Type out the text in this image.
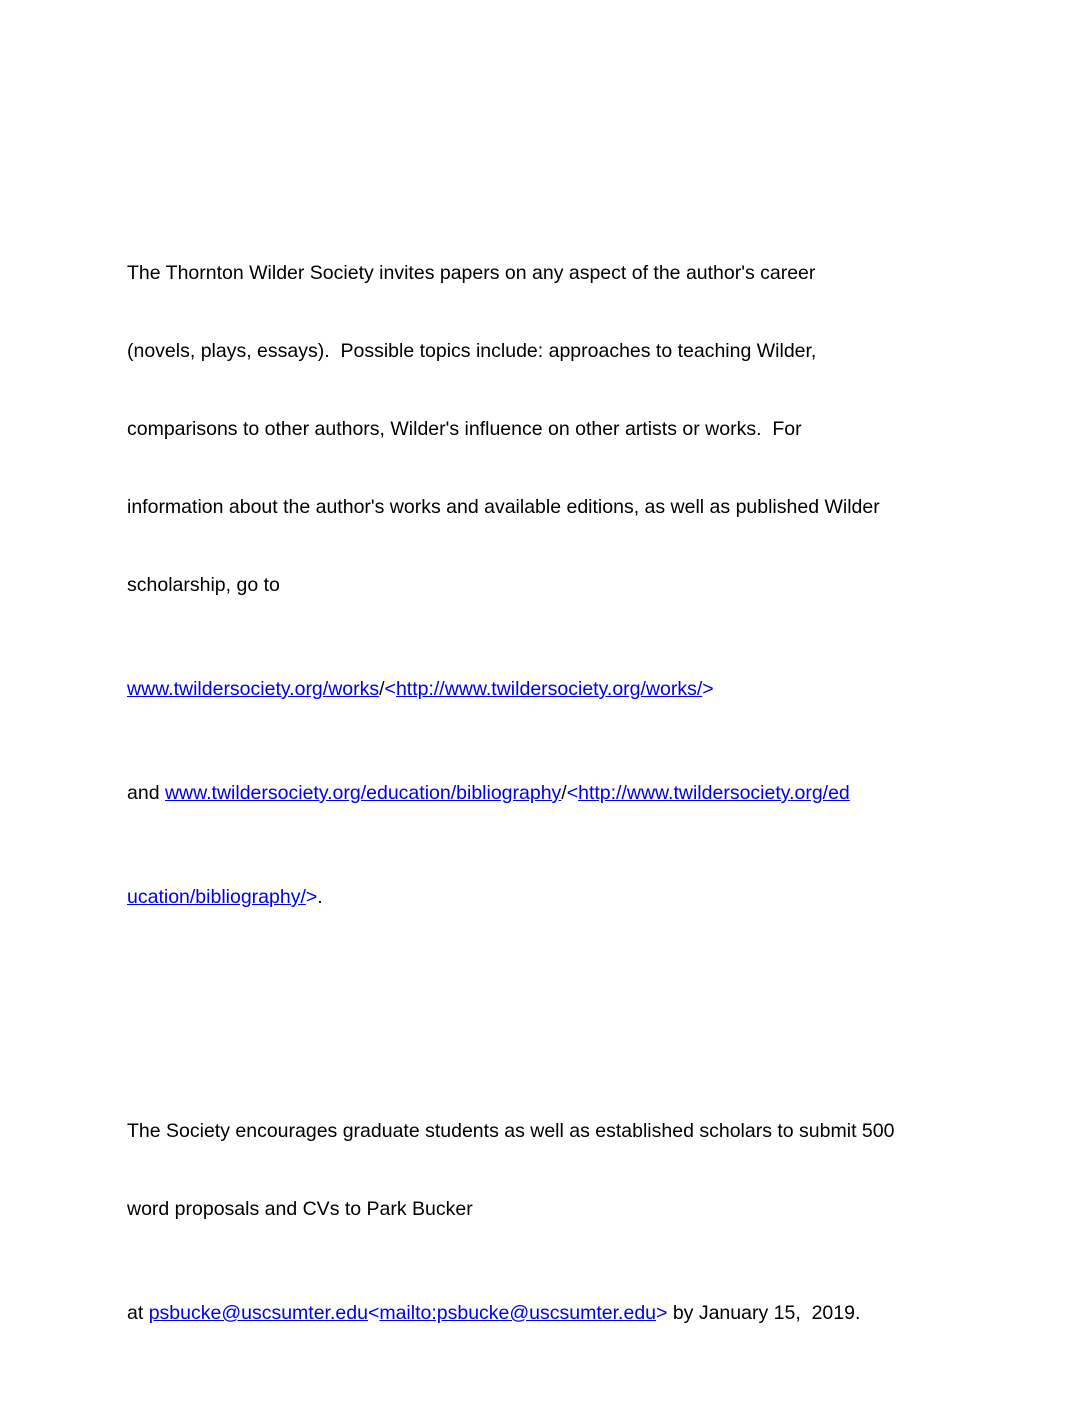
The Thornton Wilder Society invites papers on any aspect of the author's career

(novels, plays, essays).  Possible topics include: approaches to teaching Wilder,

comparisons to other authors, Wilder's influence on other artists or works.  For

information about the author's works and available editions, as well as published Wilder

scholarship, go to

www.twildersociety.org/works/<http://www.twildersociety.org/works/>

and www.twildersociety.org/education/bibliography/<http://www.twildersociety.org/ed

ucation/bibliography/>.

The Society encourages graduate students as well as established scholars to submit 500

word proposals and CVs to Park Bucker

at psbucke@uscsumter.edu<mailto:psbucke@uscsumter.edu> by January 15,  2019.
